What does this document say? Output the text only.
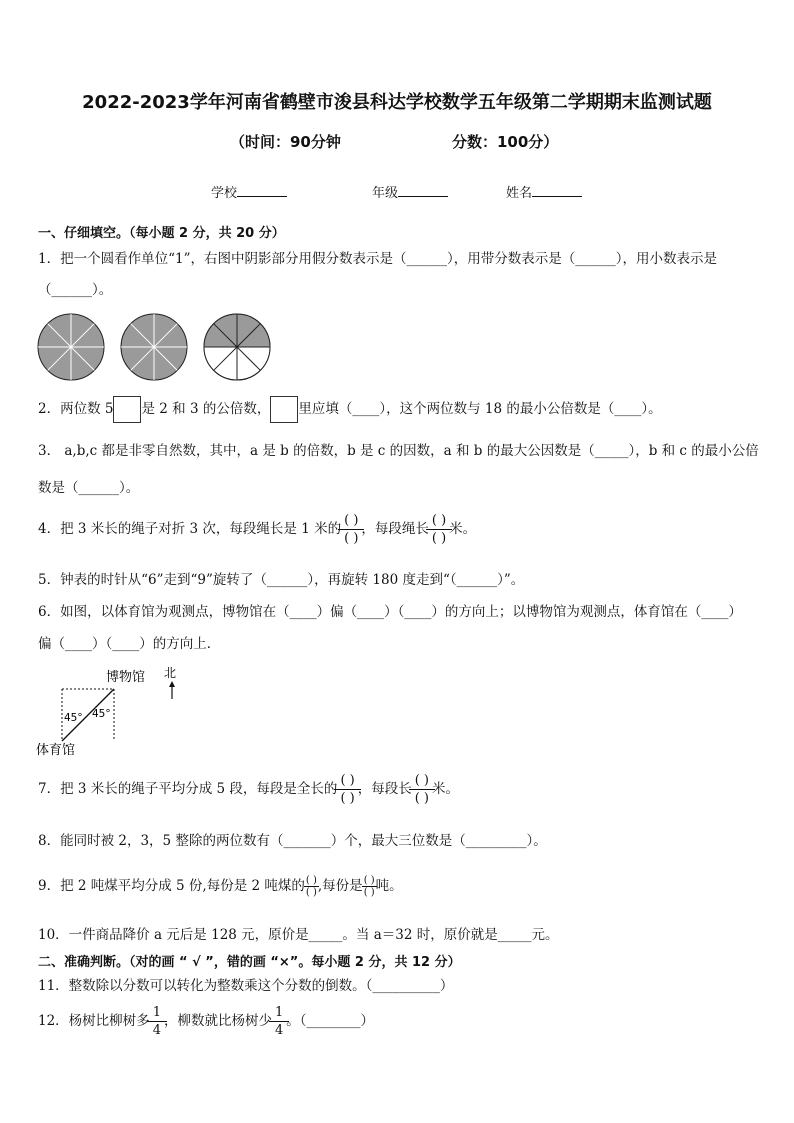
2022-2023学年河南省鹤壁市浚县科达学校数学五年级第二学期期末监测试题
（时间：90分钟	分数：100分）
学校	年级	姓名
一、仔细填空。（每小题 2 分，共 20 分）
1．把一个圆看作单位“1”，右图中阴影部分用假分数表示是（______），用带分数表示是（______），用小数表示是
（______）。
2．两位数 5 是 2 和 3 的公倍数， 里应填（____），这个两位数与 18 的最小公倍数是（____）。
3． a,b,c 都是非零自然数，其中，a 是 b 的倍数，b 是 c 的因数，a 和 b 的最大公因数是（_____），b 和 c 的最小公倍
数是（______）。
4．把 3 米长的绳子对折 3 次，每段绳长是 1 米的 $\frac{( )}{( )}$ ，每段绳长 $\frac{( )}{( )}$ 米。
5．钟表的时针从“6”走到“9”旋转了（______），再旋转 180 度走到“（______）”。
6．如图，以体育馆为观测点，博物馆在（____）偏（____）（____）的方向上；以博物馆为观测点，体育馆在（____）
偏（____）（____）的方向上．
博物馆 北
45° 45°
体育馆
7．把 3 米长的绳子平均分成 5 段，每段是全长的 $\frac{( )}{( )}$ ，每段长 $\frac{( )}{( )}$ 米。
8．能同时被 2，3，5 整除的两位数有（_______）个，最大三位数是（_________）。
9．把 2 吨煤平均分成 5 份,每份是 2 吨煤的 ( )
( ) ,每份是 ( )
( ) 吨。
10．一件商品降价 a 元后是 128 元，原价是_____。当 a＝32 时，原价就是_____元。
二、准确判断。（对的画 “ √ ”，错的画 “×”。每小题 2 分，共 12 分）
11．整数除以分数可以转化为整数乘这个分数的倒数。（__________）
12．杨树比柳树多 $\frac{1}{4}$ ，柳数就比杨树少 $\frac{1}{4}$ 。（________）
